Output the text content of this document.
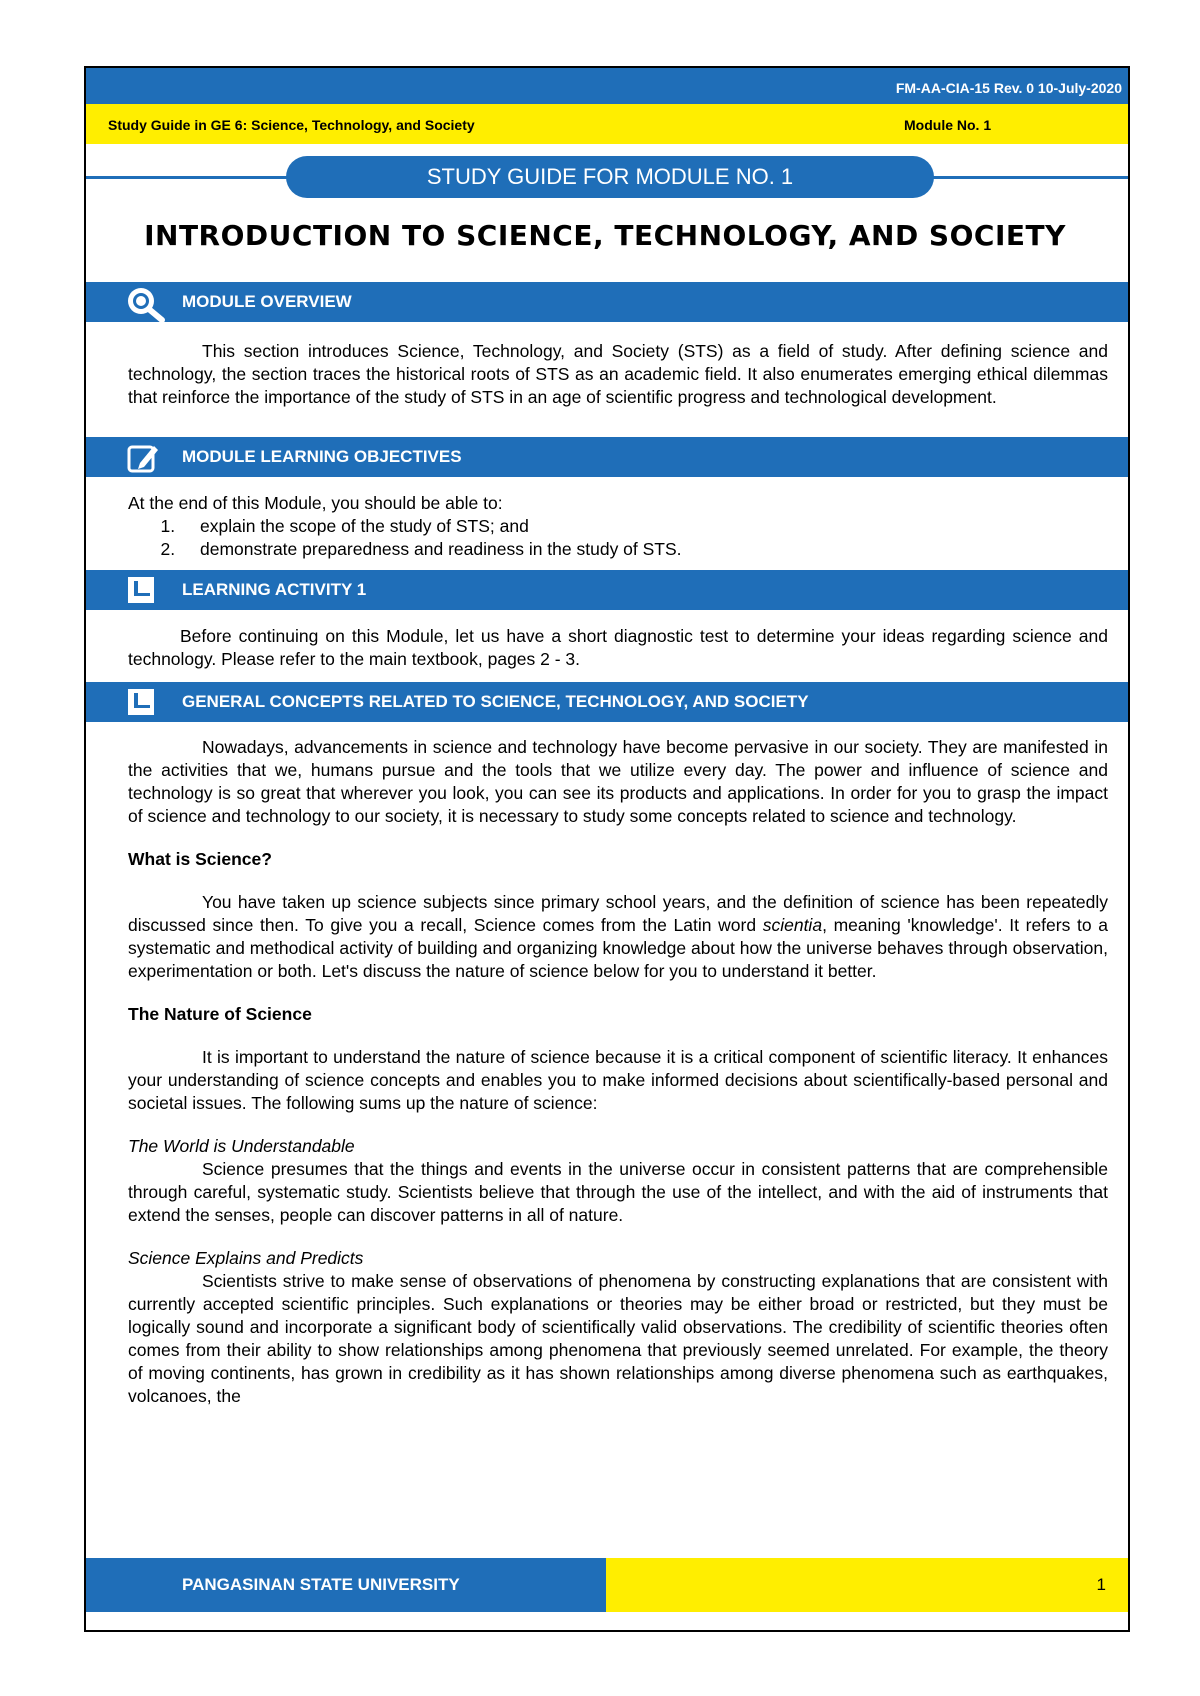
FM-AA-CIA-15 Rev. 0 10-July-2020
Study Guide in GE 6: Science, Technology, and Society	Module No. 1
STUDY GUIDE FOR MODULE NO. 1
INTRODUCTION TO SCIENCE, TECHNOLOGY, AND SOCIETY
MODULE OVERVIEW

This section introduces Science, Technology, and Society (STS) as a field of study. After defining science and technology, the section traces the historical roots of STS as an academic field. It also enumerates emerging ethical dilemmas that reinforce the importance of the study of STS in an age of scientific progress and technological development.

MODULE LEARNING OBJECTIVES

At the end of this Module, you should be able to:

1. explain the scope of the study of STS; and
2. demonstrate preparedness and readiness in the study of STS.
LEARNING ACTIVITY 1

Before continuing on this Module, let us have a short diagnostic test to determine your ideas regarding science and technology. Please refer to the main textbook, pages 2 - 3.

GENERAL CONCEPTS RELATED TO SCIENCE, TECHNOLOGY, AND SOCIETY

Nowadays, advancements in science and technology have become pervasive in our society. They are manifested in the activities that we, humans pursue and the tools that we utilize every day. The power and influence of science and technology is so great that wherever you look, you can see its products and applications. In order for you to grasp the impact of science and technology to our society, it is necessary to study some concepts related to science and technology.

What is Science?

You have taken up science subjects since primary school years, and the definition of science has been repeatedly discussed since then. To give you a recall, Science comes from the Latin word scientia, meaning 'knowledge'. It refers to a systematic and methodical activity of building and organizing knowledge about how the universe behaves through observation, experimentation or both. Let's discuss the nature of science below for you to understand it better.

The Nature of Science

It is important to understand the nature of science because it is a critical component of scientific literacy. It enhances your understanding of science concepts and enables you to make informed decisions about scientifically-based personal and societal issues. The following sums up the nature of science:

The World is Understandable

Science presumes that the things and events in the universe occur in consistent patterns that are comprehensible through careful, systematic study. Scientists believe that through the use of the intellect, and with the aid of instruments that extend the senses, people can discover patterns in all of nature.

Science Explains and Predicts

Scientists strive to make sense of observations of phenomena by constructing explanations that are consistent with currently accepted scientific principles. Such explanations or theories may be either broad or restricted, but they must be logically sound and incorporate a significant body of scientifically valid observations. The credibility of scientific theories often comes from their ability to show relationships among phenomena that previously seemed unrelated. For example, the theory of moving continents, has grown in credibility as it has shown relationships among diverse phenomena such as earthquakes, volcanoes, the

PANGASINAN STATE UNIVERSITY	1
